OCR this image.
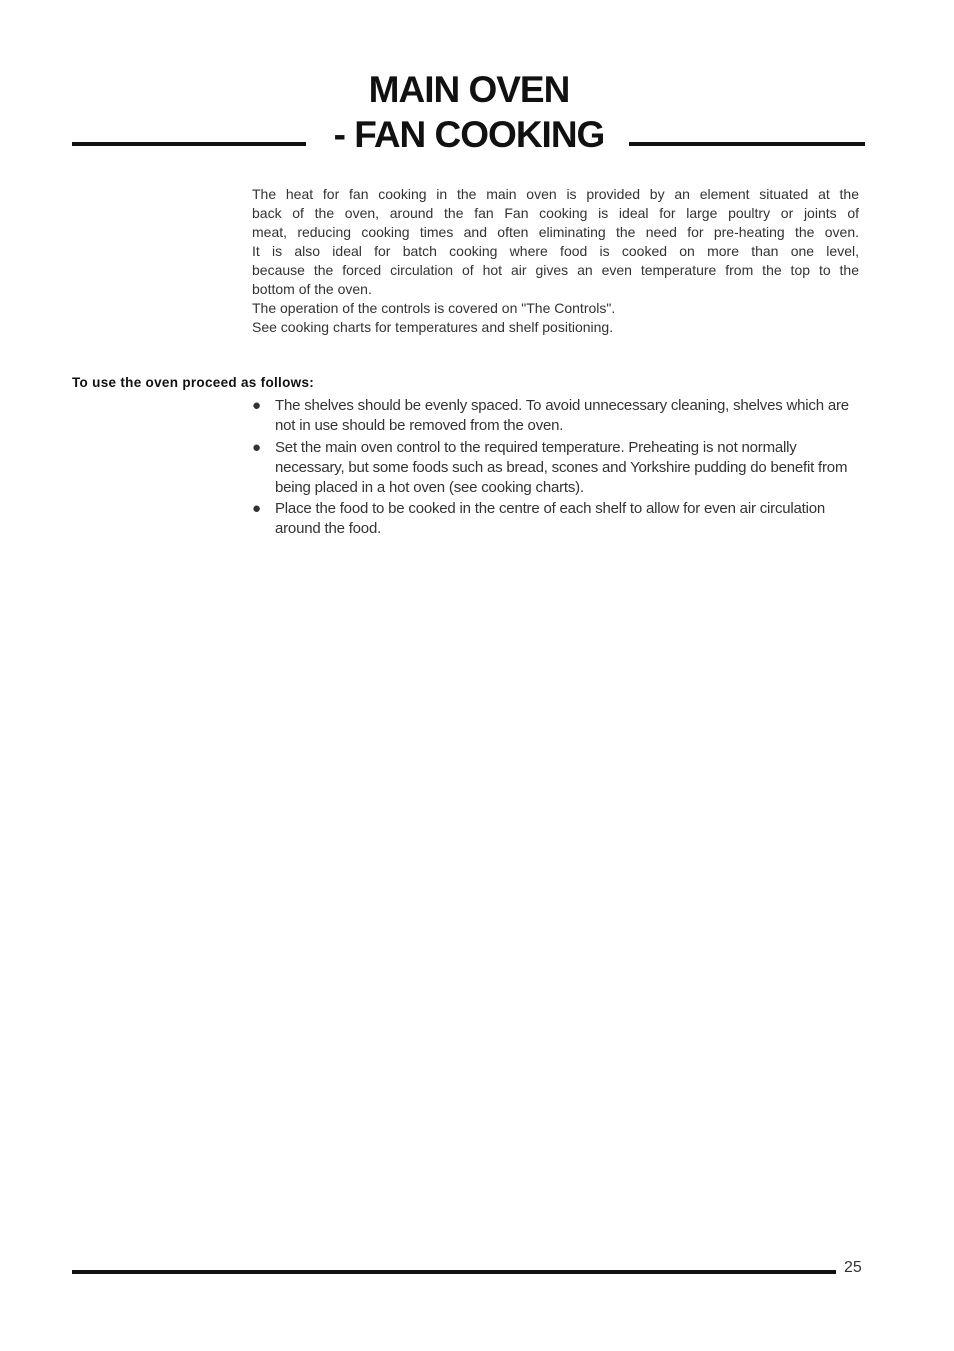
MAIN OVEN
- FAN COOKING

The heat for fan cooking in the main oven is provided by an element situated at the

back of the oven, around the fan Fan cooking is ideal for large poultry or joints of

meat, reducing cooking times and often eliminating the need for pre-heating the oven.

It is also ideal for batch cooking where food is cooked on more than one level,

because the forced circulation of hot air gives an even temperature from the top to the

bottom of the oven.

The operation of the controls is covered on "The Controls".

See cooking charts for temperatures and shelf positioning.

To use the oven proceed as follows:
● The shelves should be evenly spaced. To avoid unnecessary cleaning, shelves which are not in use should be removed from the oven.
● Set the main oven control to the required temperature. Preheating is not normally necessary, but some foods such as bread, scones and Yorkshire pudding do benefit from being placed in a hot oven (see cooking charts).
● Place the food to be cooked in the centre of each shelf to allow for even air circulation around the food.
25
